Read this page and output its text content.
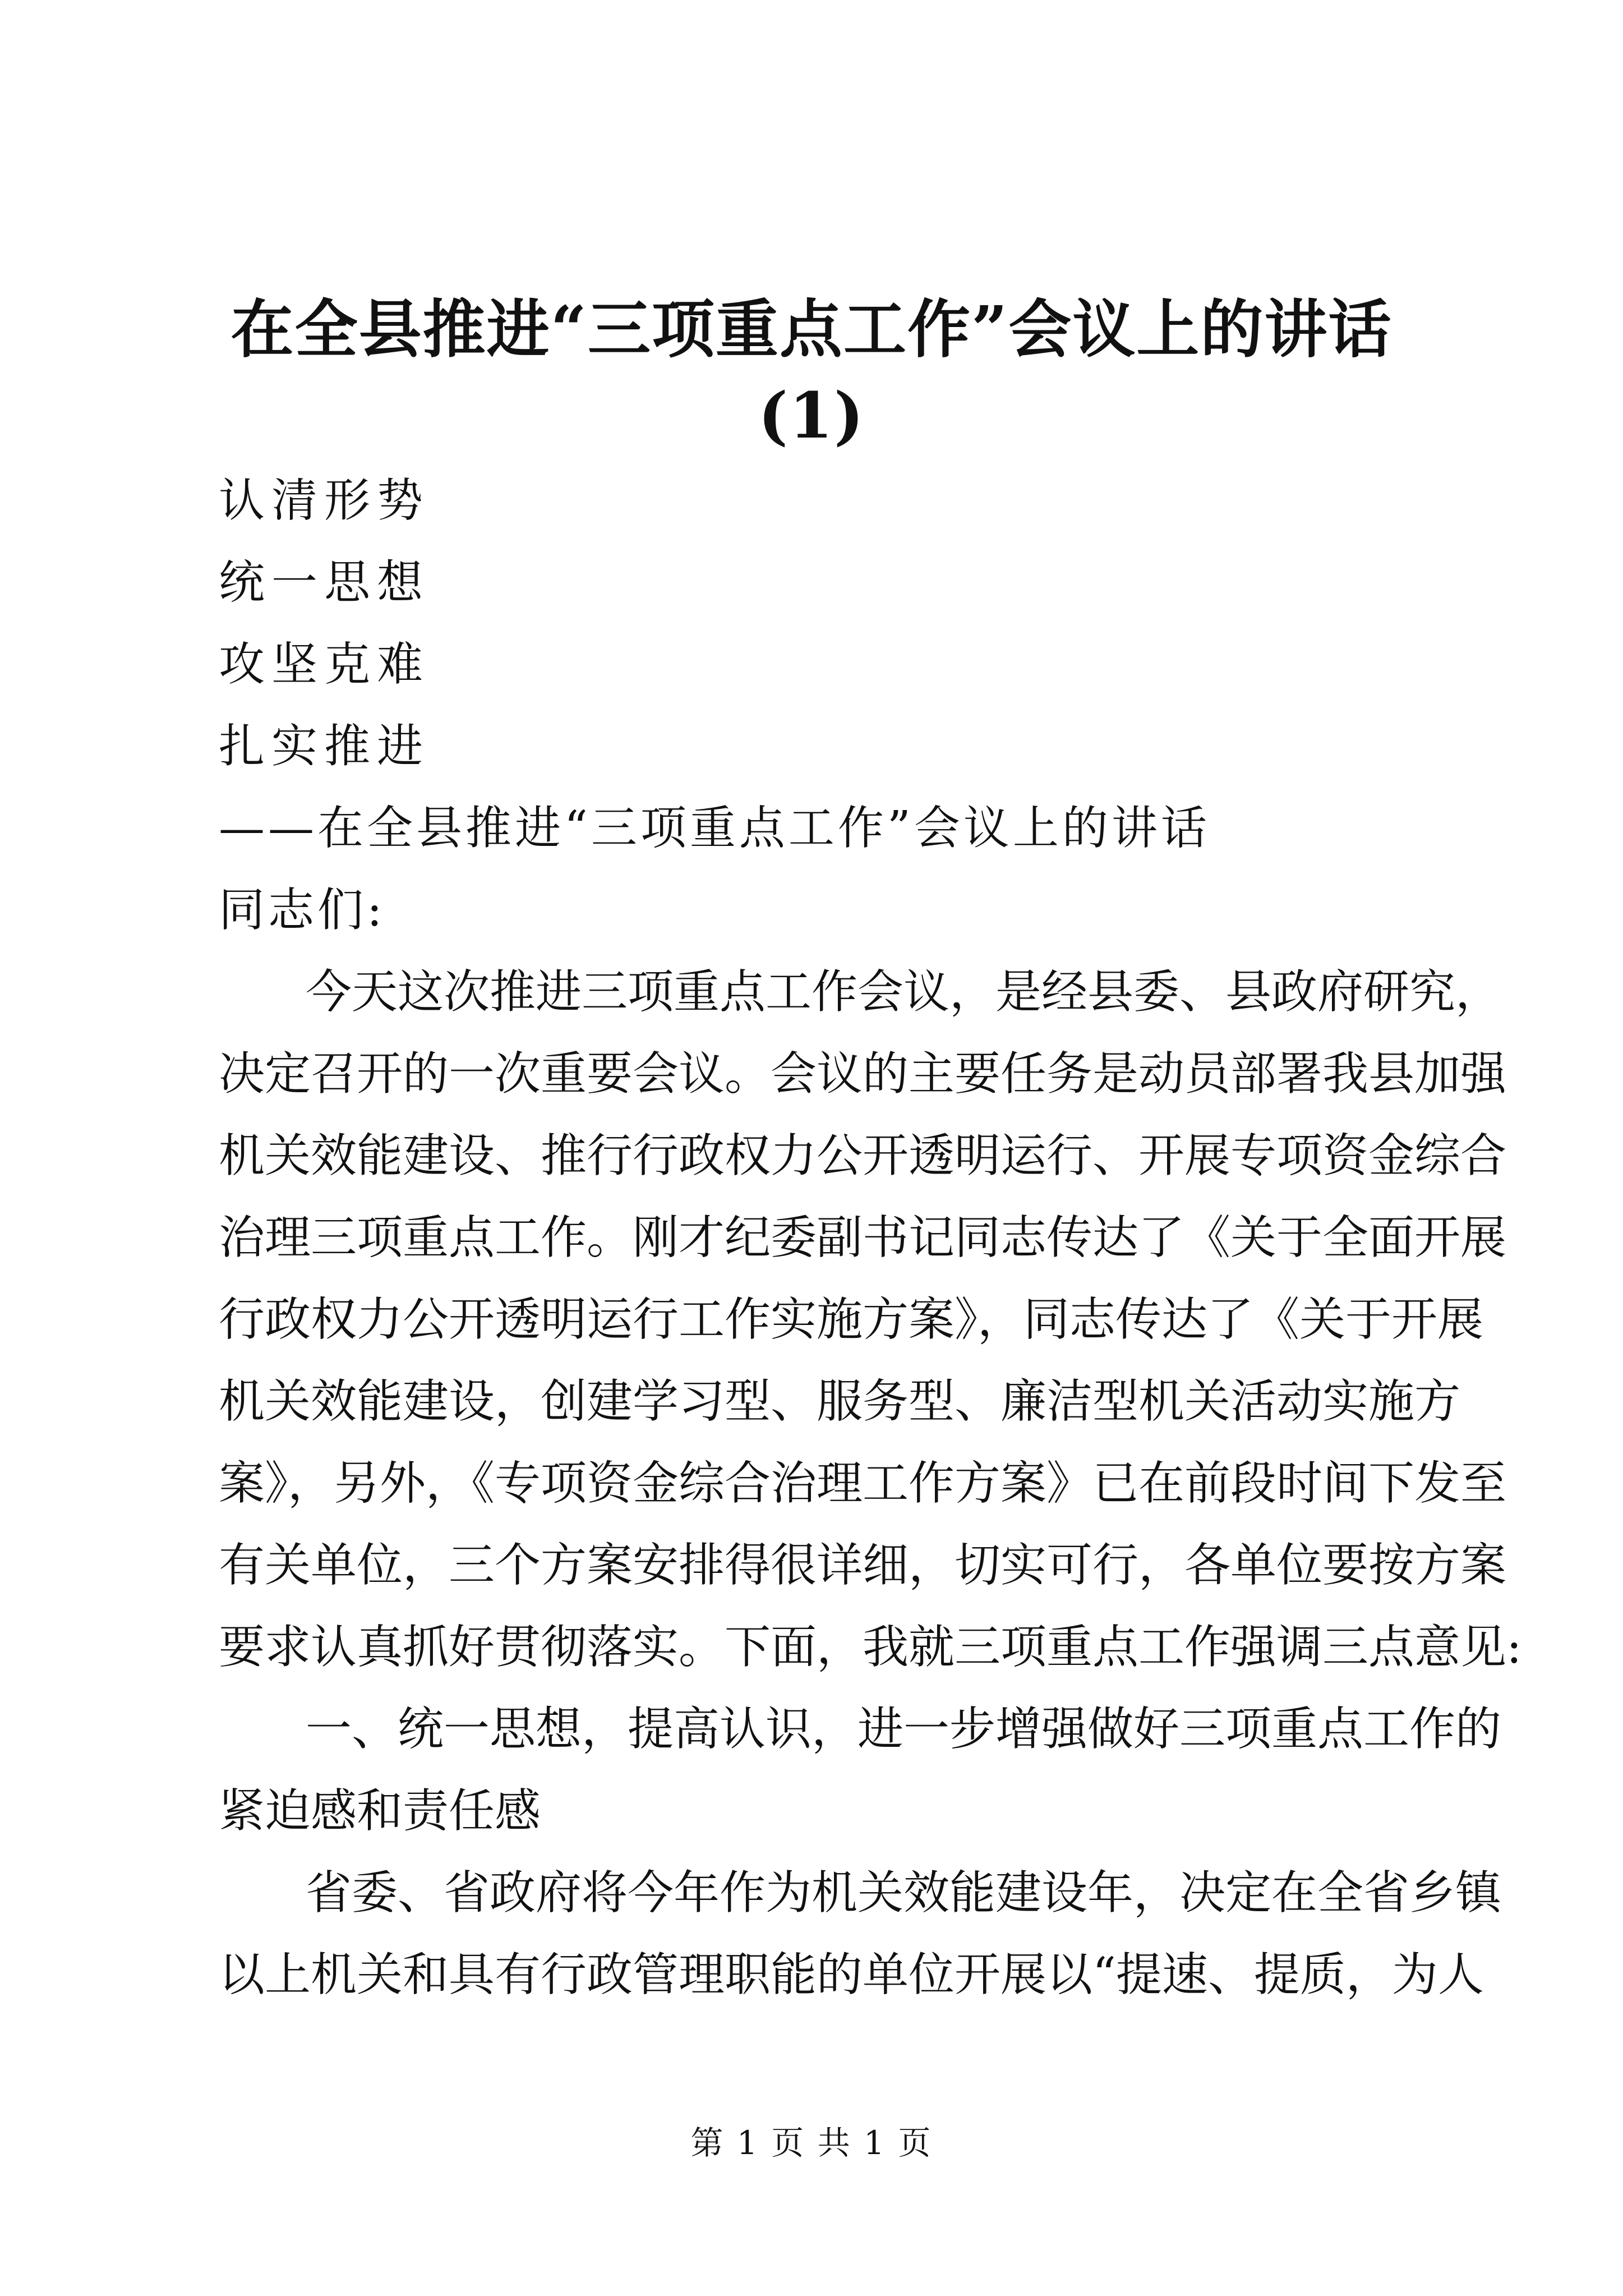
在全县推进“三项重点工作”会议上的讲话
(1)
认清形势
统一思想
攻坚克难
扎实推进
——在全县推进“三项重点工作”会议上的讲话
同志们:
今天这次推进三项重点工作会议，是经县委、县政府研究，
决定召开的一次重要会议。会议的主要任务是动员部署我县加强
机关效能建设、推行行政权力公开透明运行、开展专项资金综合
治理三项重点工作。刚才纪委副书记同志传达了《关于全面开展
行政权力公开透明运行工作实施方案》，同志传达了《关于开展
机关效能建设，创建学习型、服务型、廉洁型机关活动实施方
案》，另外，《专项资金综合治理工作方案》已在前段时间下发至
有关单位，三个方案安排得很详细，切实可行，各单位要按方案
要求认真抓好贯彻落实。下面，我就三项重点工作强调三点意见:
一、统一思想，提高认识，进一步增强做好三项重点工作的
紧迫感和责任感
省委、省政府将今年作为机关效能建设年，决定在全省乡镇
以上机关和具有行政管理职能的单位开展以“提速、提质，为人
第 1 页 共 1 页
